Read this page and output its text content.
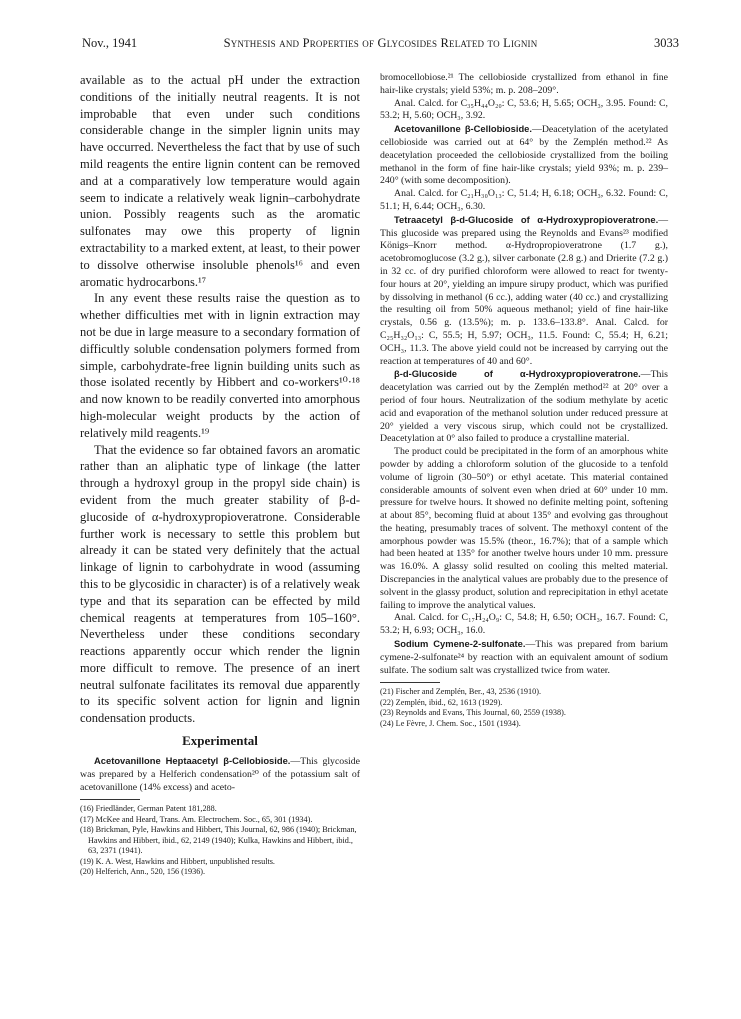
Nov., 1941	Synthesis and Properties of Glycosides Related to Lignin	3033

available as to the actual pH under the extraction conditions of the initially neutral reagents. It is not improbable that even under such conditions considerable change in the simpler lignin units may have occurred. Nevertheless the fact that by use of such mild reagents the entire lignin content can be removed and at a comparatively low temperature would again seem to indicate a relatively weak lignin–carbohydrate union. Possibly reagents such as the aromatic sulfonates may owe this property of lignin extractability to a marked extent, at least, to their power to dissolve otherwise insoluble phenols¹⁶ and even aromatic hydrocarbons.¹⁷

In any event these results raise the question as to whether difficulties met with in lignin extraction may not be due in large measure to a secondary formation of difficultly soluble condensation polymers formed from simple, carbohydrate-free lignin building units such as those isolated recently by Hibbert and co-workers¹⁰·¹⁸ and now known to be readily converted into amorphous high-molecular weight products by the action of relatively mild reagents.¹⁹

That the evidence so far obtained favors an aromatic rather than an aliphatic type of linkage (the latter through a hydroxyl group in the propyl side chain) is evident from the much greater stability of β-d-glucoside of α-hydroxypropioveratrone. Considerable further work is necessary to settle this problem but already it can be stated very definitely that the actual linkage of lignin to carbohydrate in wood (assuming this to be glycosidic in character) is of a relatively weak type and that its separation can be effected by mild chemical reagents at temperatures from 105–160°. Nevertheless under these conditions secondary reactions apparently occur which render the lignin more difficult to remove. The presence of an inert neutral sulfonate facilitates its removal due apparently to its specific solvent action for lignin and lignin condensation products.

Experimental

Acetovanillone Heptaacetyl β-Cellobioside.—This glycoside was prepared by a Helferich condensation²⁰ of the potassium salt of acetovanillone (14% excess) and aceto-

(16) Friedländer, German Patent 181,288.

(17) McKee and Heard, Trans. Am. Electrochem. Soc., 65, 301 (1934).

(18) Brickman, Pyle, Hawkins and Hibbert, This Journal, 62, 986 (1940); Brickman, Hawkins and Hibbert, ibid., 62, 2149 (1940); Kulka, Hawkins and Hibbert, ibid., 63, 2371 (1941).

(19) K. A. West, Hawkins and Hibbert, unpublished results.

(20) Helferich, Ann., 520, 156 (1936).

bromocellobiose.²¹ The cellobioside crystallized from ethanol in fine hair-like crystals; yield 53%; m. p. 208–209°.

Anal. Calcd. for C₃₅H₄₄O₂₀: C, 53.6; H, 5.65; OCH₃, 3.95. Found: C, 53.2; H, 5.60; OCH₃, 3.92.

Acetovanillone β-Cellobioside.—Deacetylation of the acetylated cellobioside was carried out at 64° by the Zemplén method.²² As deacetylation proceeded the cellobioside crystallized from the boiling methanol in the form of fine hair-like crystals; yield 93%; m. p. 239–240° (with some decomposition).

Anal. Calcd. for C₂₁H₃₀O₁₃: C, 51.4; H, 6.18; OCH₃, 6.32. Found: C, 51.1; H, 6.44; OCH₃, 6.30.

Tetraacetyl β-d-Glucoside of α-Hydroxypropioveratrone.—This glucoside was prepared using the Reynolds and Evans²³ modified Königs–Knorr method. α-Hydropropioveratrone (1.7 g.), acetobromoglucose (3.2 g.), silver carbonate (2.8 g.) and Drierite (7.2 g.) in 32 cc. of dry purified chloroform were allowed to react for twenty-four hours at 20°, yielding an impure sirupy product, which was purified by dissolving in methanol (6 cc.), adding water (40 cc.) and crystallizing the resulting oil from 50% aqueous methanol; yield of fine hair-like crystals, 0.56 g. (13.5%); m. p. 133.6–133.8°. Anal. Calcd. for C₂₅H₃₂O₁₃: C, 55.5; H, 5.97; OCH₃, 11.5. Found: C, 55.4; H, 6.21; OCH₃, 11.3. The above yield could not be increased by carrying out the reaction at temperatures of 40 and 60°.

β-d-Glucoside of α-Hydroxypropioveratrone.—This deacetylation was carried out by the Zemplén method²² at 20° over a period of four hours. Neutralization of the sodium methylate by acetic acid and evaporation of the methanol solution under reduced pressure at 20° yielded a very viscous sirup, which could not be crystallized. Deacetylation at 0° also failed to produce a crystalline material.

The product could be precipitated in the form of an amorphous white powder by adding a chloroform solution of the glucoside to a tenfold volume of ligroin (30–50°) or ethyl acetate. This material contained considerable amounts of solvent even when dried at 60° under 10 mm. pressure for twelve hours. It showed no definite melting point, softening at about 85°, becoming fluid at about 135° and evolving gas throughout the heating, presumably traces of solvent. The methoxyl content of the amorphous powder was 15.5% (theor., 16.7%); that of a sample which had been heated at 135° for another twelve hours under 10 mm. pressure was 16.0%. A glassy solid resulted on cooling this melted material. Discrepancies in the analytical values are probably due to the presence of solvent in the glassy product, solution and reprecipitation in ethyl acetate failing to improve the analytical values.

Anal. Calcd. for C₁₇H₂₄O₉: C, 54.8; H, 6.50; OCH₃, 16.7. Found: C, 53.2; H, 6.93; OCH₃, 16.0.

Sodium Cymene-2-sulfonate.—This was prepared from barium cymene-2-sulfonate²⁴ by reaction with an equivalent amount of sodium sulfate. The sodium salt was crystallized twice from water.

(21) Fischer and Zemplén, Ber., 43, 2536 (1910).

(22) Zemplén, ibid., 62, 1613 (1929).

(23) Reynolds and Evans, This Journal, 60, 2559 (1938).

(24) Le Fèvre, J. Chem. Soc., 1501 (1934).
